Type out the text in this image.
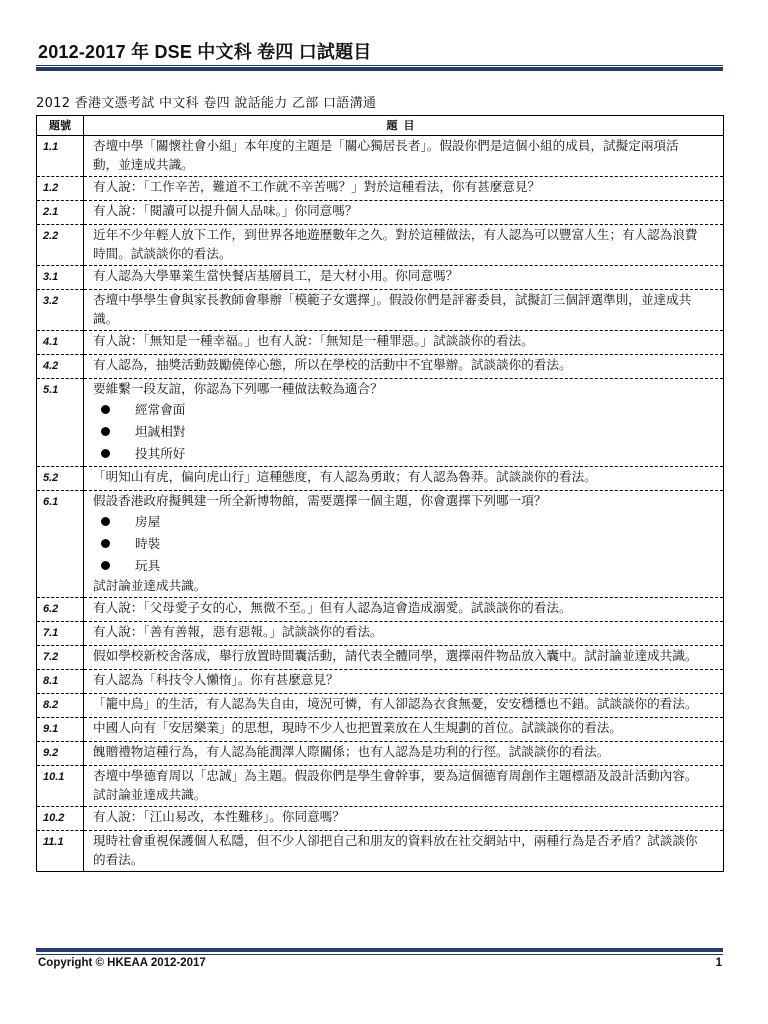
2012-2017 年 DSE 中文科 卷四 口試題目
2012 香港文憑考試 中文科 卷四 說話能力 乙部 口語溝通
題號	題目
1.1	杏壇中學「關懷社會小組」本年度的主題是「關心獨居長者」。假設你們是這個小組的成員，試擬定兩項活動，並達成共識。

1.2	有人說：「工作辛苦，難道不工作就不辛苦嗎？」對於這種看法，你有甚麼意見？

2.1	有人說：「閱讀可以提升個人品味。」你同意嗎？

2.2	近年不少年輕人放下工作，到世界各地遊歷數年之久。對於這種做法，有人認為可以豐富人生；有人認為浪費時間。試談談你的看法。

3.1	有人認為大學畢業生當快餐店基層員工，是大材小用。你同意嗎？

3.2	杏壇中學學生會與家長教師會舉辦「模範子女選擇」。假設你們是評審委員，試擬訂三個評選準則，並達成共識。

4.1	有人說：「無知是一種幸福。」也有人說：「無知是一種罪惡。」試談談你的看法。

4.2	有人認為，抽獎活動鼓勵僥倖心態，所以在學校的活動中不宜舉辦。試談談你的看法。

5.1	要維繫一段友誼，你認為下列哪一種做法較為適合？
經常會面
坦誠相對
投其所好

5.2	「明知山有虎，偏向虎山行」這種態度，有人認為勇敢；有人認為魯莽。試談談你的看法。

6.1	假設香港政府擬興建一所全新博物館，需要選擇一個主題，你會選擇下列哪一項？
房屋
時裝
玩具
試討論並達成共識。

6.2	有人說：「父母愛子女的心，無微不至。」但有人認為這會造成溺愛。試談談你的看法。

7.1	有人說：「善有善報，惡有惡報。」試談談你的看法。

7.2	假如學校新校舍落成，舉行放置時間囊活動，請代表全體同學，選擇兩件物品放入囊中。試討論並達成共識。

8.1	有人認為「科技令人懶惰」。你有甚麼意見？

8.2	「籠中鳥」的生活，有人認為失自由，境況可憐，有人卻認為衣食無憂，安安穩穩也不錯。試談談你的看法。

9.1	中國人向有「安居樂業」的思想，現時不少人也把置業放在人生規劃的首位。試談談你的看法。

9.2	餽贈禮物這種行為，有人認為能潤澤人際關係；也有人認為是功利的行徑。試談談你的看法。

10.1	杏壇中學德育周以「忠誠」為主題。假設你們是學生會幹事，要為這個德育周創作主題標語及設計活動內容。試討論並達成共識。

10.2	有人說：「江山易改，本性難移」。你同意嗎？

11.1	現時社會重視保護個人私隱，但不少人卻把自己和朋友的資料放在社交網站中，兩種行為是否矛盾？試談談你的看法。
Copyright © HKEAA 2012-2017	1
